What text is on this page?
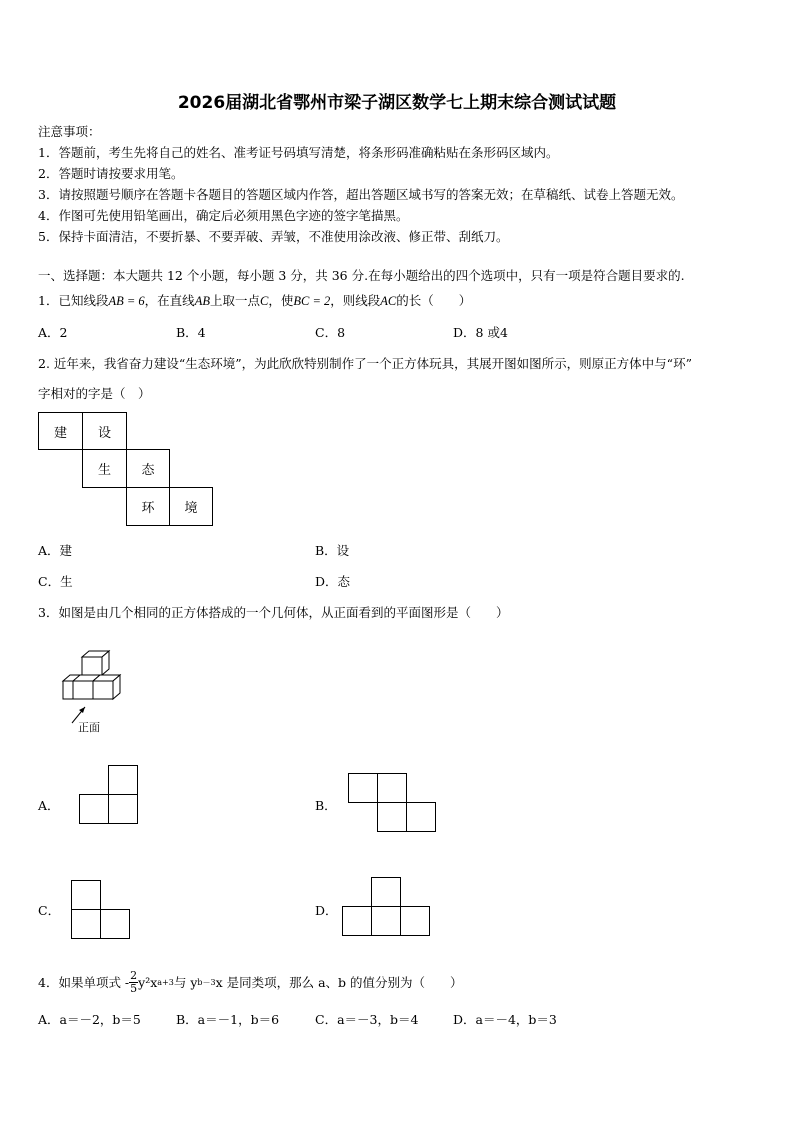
2026届湖北省鄂州市梁子湖区数学七上期末综合测试试题
注意事项：
1．答题前，考生先将自己的姓名、准考证号码填写清楚，将条形码准确粘贴在条形码区域内。
2．答题时请按要求用笔。
3．请按照题号顺序在答题卡各题目的答题区域内作答，超出答题区域书写的答案无效；在草稿纸、试卷上答题无效。
4．作图可先使用铅笔画出，确定后必须用黑色字迹的签字笔描黑。
5．保持卡面清洁，不要折暴、不要弄破、弄皱，不准使用涂改液、修正带、刮纸刀。
一、选择题：本大题共 12 个小题，每小题 3 分，共 36 分.在每小题给出的四个选项中，只有一项是符合题目要求的.
1．已知线段AB = 6，在直线AB上取一点C，使BC = 2，则线段AC的长（　　）
A．2	B．4	C．8	D．8 或4
2. 近年来，我省奋力建设“生态环境”，为此欣欣特别制作了一个正方体玩具，其展开图如图所示，则原正方体中与“环”
字相对的字是（　）
建	设
生	态
环	境
A．建	B．设
C．生	D．态
3．如图是由几个相同的正方体搭成的一个几何体，从正面看到的平面图形是（　　）
正面
A．	B．
C．	D．
4．如果单项式 - $\frac{2}{5} y^2x$ a+3 与 y b－3 x 是同类项，那么 a、b 的值分别为（　　）
A．a＝－2，b＝5	B．a＝－1，b＝6	C．a＝－3，b＝4	D．a＝－4，b＝3
